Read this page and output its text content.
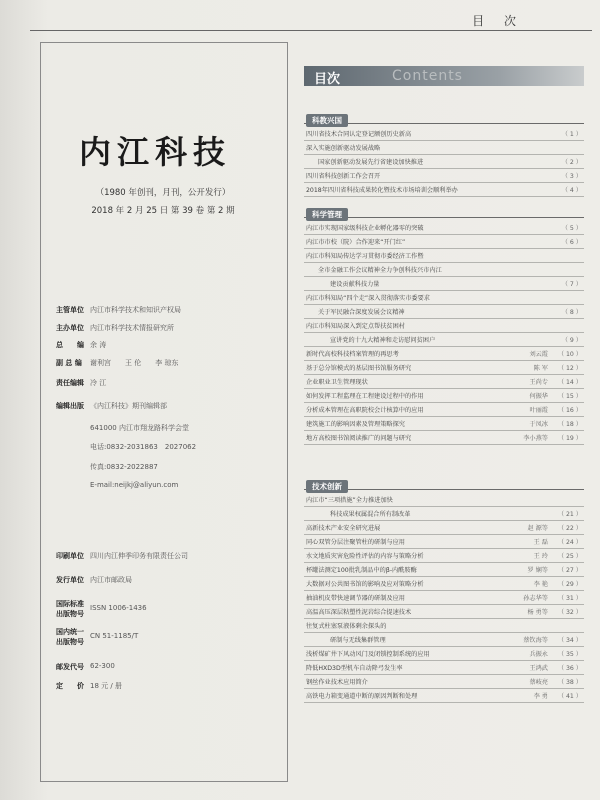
目 次
内江科技
（1980 年创刊，月刊，公开发行）
2018 年 2 月 25 日 第 39 卷 第 2 期
主管单位 内江市科学技术和知识产权局
主办单位 内江市科学技术情报研究所
总　　编 余 涛
副 总 编 谢利宫　　王 伦　　李 琼东
责任编辑 冷 江
编辑出版 《内江科技》期刊编辑部
641000 内江市翔龙路科学会堂
电话:0832-2031863　2027062
传真:0832-2022887
E-mail:neijkj@aliyun.com
印刷单位 四川内江伸季印务有限责任公司
发行单位 内江市邮政局
国际标准
出版物号
ISSN 1006-1436
国内统一
出版物号
CN 51-1185/T
邮发代号 62-300
定　　价 18 元 / 册
目次	Contents
科教兴国
四川省技术合同认定登记额创历史新高	（ 1 ）
深入实施创新驱动发展战略
国家创新驱动发展先行省建设加快推进	（ 2 ）
四川省科技创新工作会召开	（ 3 ）
2018年四川省科技成果转化暨技术市场培训会顺利举办	（ 4 ）
科学管理
内江市实现国家级科技企业孵化器零的突破	（ 5 ）
内江市市校（院）合作迎来“开门红”	（ 6 ）
内江市科知局传达学习贯彻市委经济工作暨
全市金融工作会议精神全力争创科技兴市内江
建设贡献科技力量	（ 7 ）
内江市科知局“四个走”深入贯彻落实市委要求
关于军民融合深度发展会议精神	（ 8 ）
内江市科知局深入到定点帮扶贫困村
宣讲党的十九大精神和走访慰问贫困户	（ 9 ）
新时代高校科技档案管理的再思考	刘云霞 （ 10 ）
基于总分馆模式的基层图书馆服务研究	陈 军 （ 12 ）
企业职业卫生管理现状	王尚专 （ 14 ）
如何发挥工程监理在工程建设过程中的作用	何振华 （ 15 ）
分析成本管理在高职院校会计核算中的应用	叶丽霞 （ 16 ）
建筑施工的影响因素及管理策略探究	于凤冰 （ 18 ）
地方高校图书馆阅读推广的问题与研究	李小燕等 （ 19 ）
技术创新
内江市“三项措施”全力推进加快
科技成果权属混合所有制改革	（ 21 ）
高新技术产业安全研究进展	赵 源等 （ 22 ）
同心双管分层注聚管柱的研制与应用	王 磊 （ 24 ）
水文地质灾害危险性评估的内容与策略分析	王 玲 （ 25 ）
杯罐法测定100批乳制品中的β-内酰胺酶	罗 娴等 （ 27 ）
大数据对公共图书馆的影响及应对策略分析	李 艳 （ 29 ）
抽油机皮带快速调节器的研制及应用	孙志华等 （ 31 ）
高温高压深层粘塑性泥岩综合提速技术	杨 勇等 （ 32 ）
往复式柱塞泵液体剩余探头的
研制与无线集群管理	蔡钦海等 （ 34 ）
浅析煤矿井下风动风门及闭锁控制系统的应用	兵振永 （ 35 ）
降低HXD3D型机车自动降弓发生率	王鸿武 （ 36 ）
钢丝作业技术应用简介	蔡岐亮 （ 38 ）
高铁电力箱变通道中断的原因判断和处理	李 勇 （ 41 ）
